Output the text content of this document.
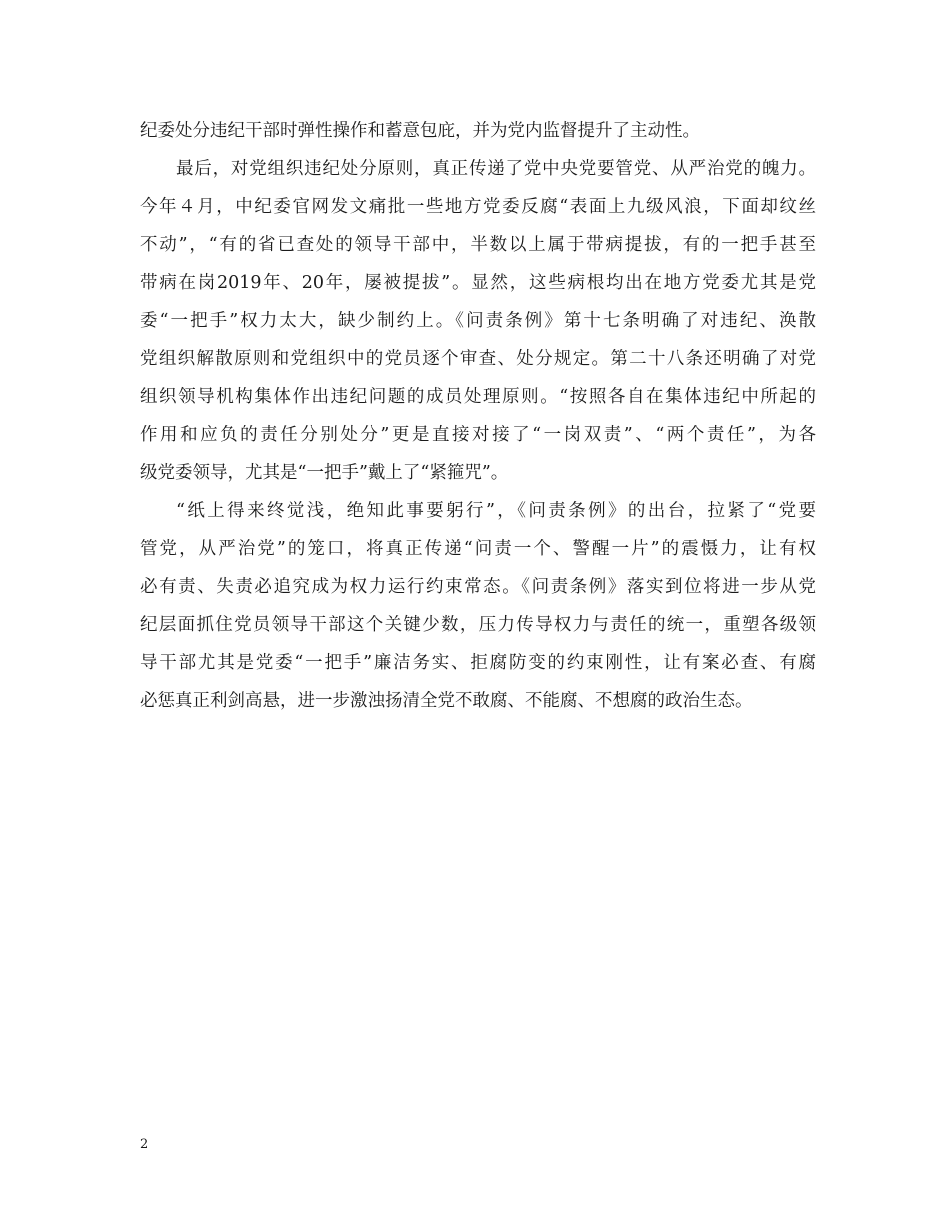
纪委处分违纪干部时弹性操作和蓄意包庇，并为党内监督提升了主动性。
最后，对党组织违纪处分原则，真正传递了党中央党要管党、从严治党的魄力。
今年４月，中纪委官网发文痛批一些地方党委反腐“表面上九级风浪，下面却纹丝
不动”，“有的省已查处的领导干部中，半数以上属于带病提拔，有的一把手甚至
带病在岗2019年、20年，屡被提拔”。显然，这些病根均出在地方党委尤其是党
委“一把手”权力太大，缺少制约上。《问责条例》第十七条明确了对违纪、涣散
党组织解散原则和党组织中的党员逐个审查、处分规定。第二十八条还明确了对党
组织领导机构集体作出违纪问题的成员处理原则。“按照各自在集体违纪中所起的
作用和应负的责任分别处分”更是直接对接了“一岗双责”、“两个责任”，为各
级党委领导，尤其是“一把手”戴上了“紧箍咒”。
“纸上得来终觉浅，绝知此事要躬行”，《问责条例》的出台，拉紧了“党要
管党，从严治党”的笼口，将真正传递“问责一个、警醒一片”的震慑力，让有权
必有责、失责必追究成为权力运行约束常态。《问责条例》落实到位将进一步从党
纪层面抓住党员领导干部这个关键少数，压力传导权力与责任的统一，重塑各级领
导干部尤其是党委“一把手”廉洁务实、拒腐防变的约束刚性，让有案必查、有腐
必惩真正利剑高悬，进一步激浊扬清全党不敢腐、不能腐、不想腐的政治生态。
2
